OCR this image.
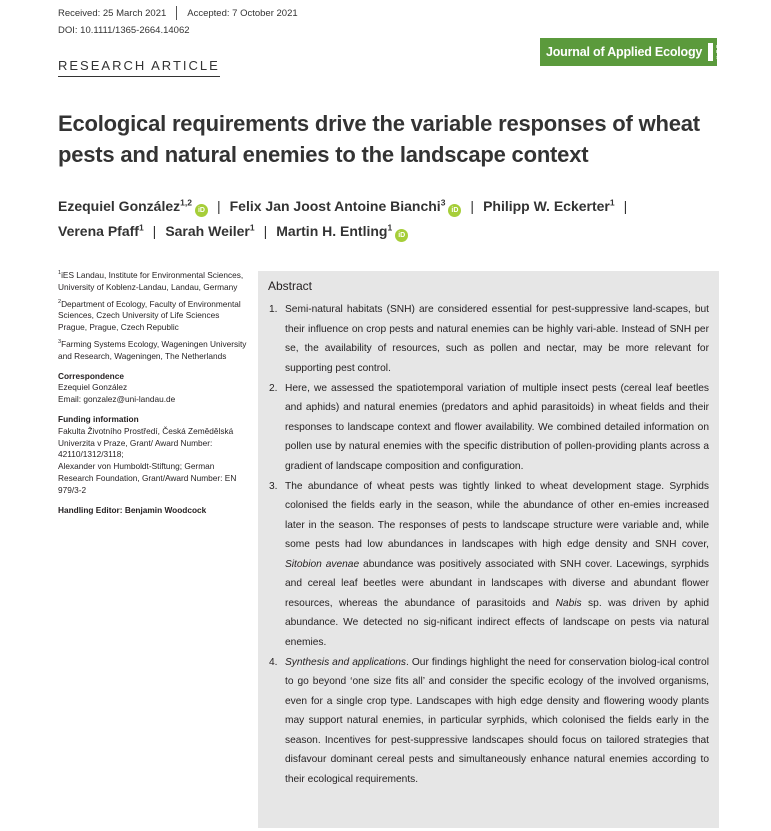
Received: 25 March 2021 Accepted: 7 October 2021
DOI: 10.1111/1365-2664.14062
Journal of Applied Ecology	BRITISH
ECOLOGICAL
SOCIETY
RESEARCH ARTICLE
Ecological requirements drive the variable responses of wheat pests and natural enemies to the landscape context
Ezequiel González$^{1,2}$iD | Felix Jan Joost Antoine Bianchi$^3$iD | Philipp W. Eckerter$^1$ |
Verena Pfaff$^1$ | Sarah Weiler$^1$ | Martin H. Entling$^1$iD
$^1$iES Landau, Institute for Environmental Sciences, University of Koblenz-Landau, Landau, Germany
$^2$Department of Ecology, Faculty of Environmental Sciences, Czech University of Life Sciences Prague, Prague, Czech Republic
$^3$Farming Systems Ecology, Wageningen University and Research, Wageningen, The Netherlands
Correspondence
Ezequiel González
Email: gonzalez@uni-landau.de
Funding information
Fakulta Životního Prostředí, Česká Zemědělská Univerzita v Praze, Grant/ Award Number: 42110/1312/3118;
Alexander von Humboldt-Stiftung; German Research Foundation, Grant/Award Number: EN 979/3-2
Handling Editor: Benjamin Woodcock
Abstract
1. Semi-natural habitats (SNH) are considered essential for pest-suppressive land-scapes, but their influence on crop pests and natural enemies can be highly vari-able. Instead of SNH per se, the availability of resources, such as pollen and nectar, may be more relevant for supporting pest control.
2. Here, we assessed the spatiotemporal variation of multiple insect pests (cereal leaf beetles and aphids) and natural enemies (predators and aphid parasitoids) in wheat fields and their responses to landscape context and flower availability. We combined detailed information on pollen use by natural enemies with the specific distribution of pollen-providing plants across a gradient of landscape composition and configuration.
3. The abundance of wheat pests was tightly linked to wheat development stage. Syrphids colonised the fields early in the season, while the abundance of other en-emies increased later in the season. The responses of pests to landscape structure were variable and, while some pests had low abundances in landscapes with high edge density and SNH cover, Sitobion avenae abundance was positively associated with SNH cover. Lacewings, syrphids and cereal leaf beetles were abundant in landscapes with diverse and abundant flower resources, whereas the abundance of parasitoids and Nabis sp. was driven by aphid abundance. We detected no sig-nificant indirect effects of landscape on pests via natural enemies.
4. Synthesis and applications. Our findings highlight the need for conservation biolog-ical control to go beyond ‘one size fits all’ and consider the specific ecology of the involved organisms, even for a single crop type. Landscapes with high edge density and flowering woody plants may support natural enemies, in particular syrphids, which colonised the fields early in the season. Incentives for pest-suppressive landscapes should focus on tailored strategies that disfavour dominant cereal pests and simultaneously enhance natural enemies according to their ecological requirements.
